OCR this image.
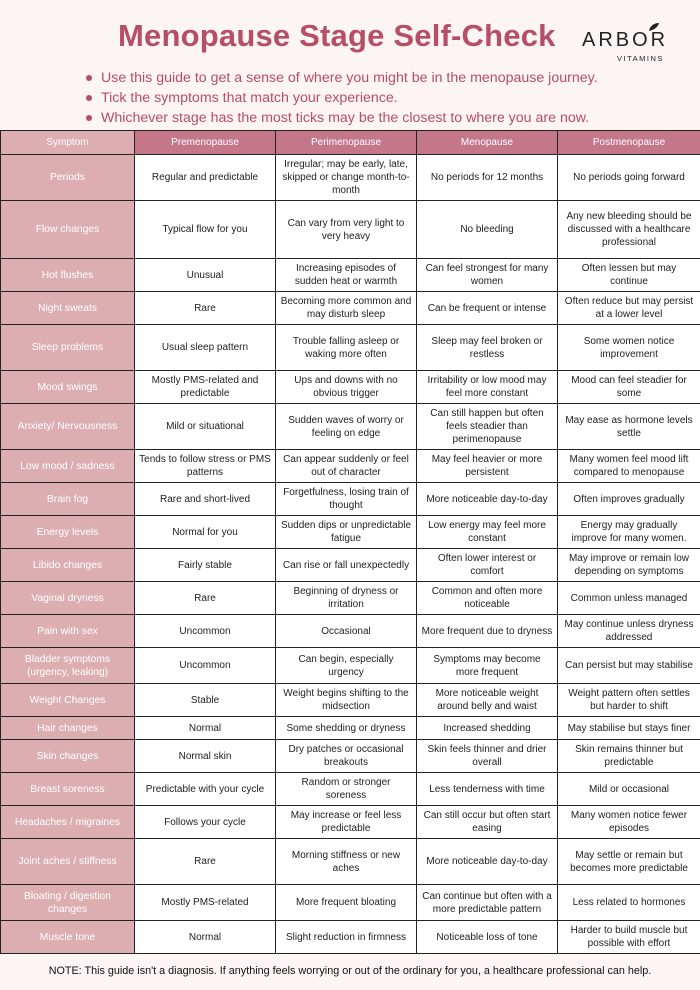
Menopause Stage Self-Check ARBOR
VITAMINS
Use this guide to get a sense of where you might be in the menopause journey.
Tick the symptoms that match your experience.
Whichever stage has the most ticks may be the closest to where you are now.
Symptom	Premenopause	Perimenopause	Menopause	Postmenopause
Periods	Regular and predictable	Irregular; may be early, late, skipped or change month-to-month	No periods for 12 months	No periods going forward
Flow changes	Typical flow for you	Can vary from very light to very heavy	No bleeding	Any new bleeding should be discussed with a healthcare professional
Hot flushes	Unusual	Increasing episodes of sudden heat or warmth	Can feel strongest for many women	Often lessen but may continue
Night sweats	Rare	Becoming more common and may disturb sleep	Can be frequent or intense	Often reduce but may persist at a lower level
Sleep problems	Usual sleep pattern	Trouble falling asleep or waking more often	Sleep may feel broken or restless	Some women notice improvement
Mood swings	Mostly PMS-related and predictable	Ups and downs with no obvious trigger	Irritability or low mood may feel more constant	Mood can feel steadier for some
Anxiety/ Nervousness	Mild or situational	Sudden waves of worry or feeling on edge	Can still happen but often feels steadier than perimenopause	May ease as hormone levels settle
Low mood / sadness	Tends to follow stress or PMS patterns	Can appear suddenly or feel out of character	May feel heavier or more persistent	Many women feel mood lift compared to menopause
Brain fog	Rare and short-lived	Forgetfulness, losing train of thought	More noticeable day-to-day	Often improves gradually
Energy levels	Normal for you	Sudden dips or unpredictable fatigue	Low energy may feel more constant	Energy may gradually improve for many women.
Libido changes	Fairly stable	Can rise or fall unexpectedly	Often lower interest or comfort	May improve or remain low depending on symptoms
Vaginal dryness	Rare	Beginning of dryness or irritation	Common and often more noticeable	Common unless managed
Pain with sex	Uncommon	Occasional	More frequent due to dryness	May continue unless dryness addressed
Bladder symptoms (urgency, leaking)	Uncommon	Can begin, especially urgency	Symptoms may become more frequent	Can persist but may stabilise
Weight Changes	Stable	Weight begins shifting to the midsection	More noticeable weight around belly and waist	Weight pattern often settles but harder to shift
Hair changes	Normal	Some shedding or dryness	Increased shedding	May stabilise but stays finer
Skin changes	Normal skin	Dry patches or occasional breakouts	Skin feels thinner and drier overall	Skin remains thinner but predictable
Breast soreness	Predictable with your cycle	Random or stronger soreness	Less tenderness with time	Mild or occasional
Headaches / migraines	Follows your cycle	May increase or feel less predictable	Can still occur but often start easing	Many women notice fewer episodes
Joint aches / stiffness	Rare	Morning stiffness or new aches	More noticeable day-to-day	May settle or remain but becomes more predictable
Bloating / digestion changes	Mostly PMS-related	More frequent bloating	Can continue but often with a more predictable pattern	Less related to hormones
Muscle tone	Normal	Slight reduction in firmness	Noticeable loss of tone	Harder to build muscle but possible with effort
NOTE: This guide isn't a diagnosis. If anything feels worrying or out of the ordinary for you, a healthcare professional can help.
